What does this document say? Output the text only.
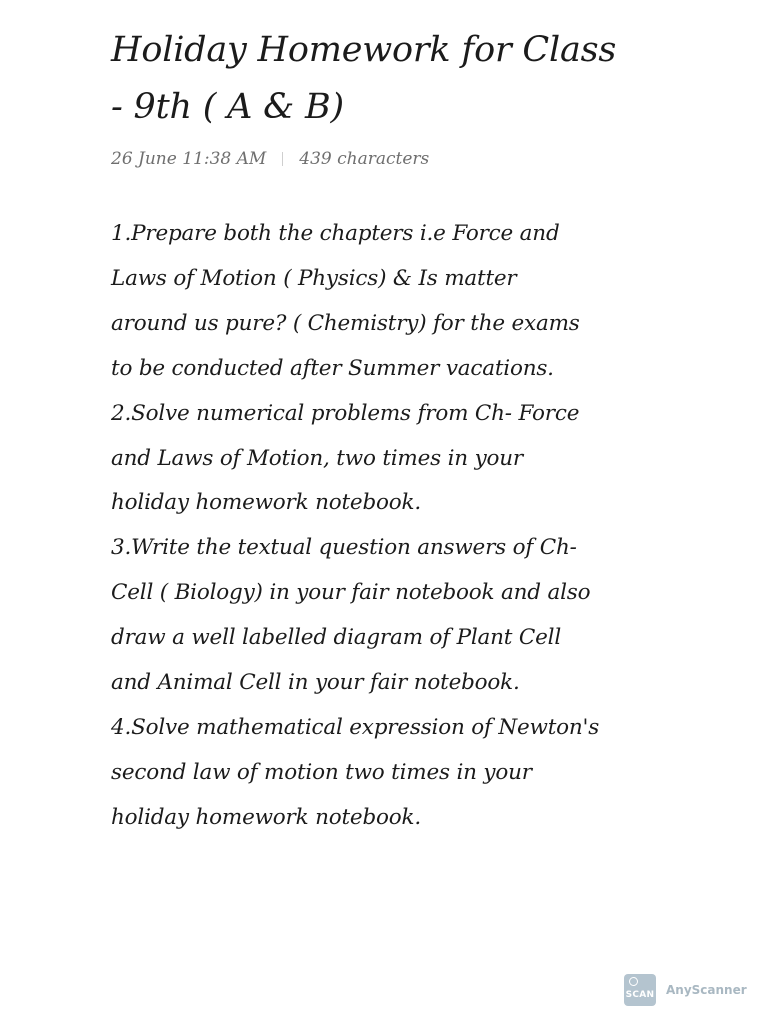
Holiday Homework for Class
- 9th ( A & B)
26 June 11:38 AM 439 characters
1.Prepare both the chapters i.e Force and
Laws of Motion ( Physics) & Is matter
around us pure? ( Chemistry) for the exams
to be conducted after Summer vacations.
2.Solve numerical problems from Ch- Force
and Laws of Motion, two times in your
holiday homework notebook.
3.Write the textual question answers of Ch-
Cell ( Biology) in your fair notebook and also
draw a well labelled diagram of Plant Cell
and Animal Cell in your fair notebook.
4.Solve mathematical expression of Newton's
second law of motion two times in your
holiday homework notebook.
SCAN AnyScanner
